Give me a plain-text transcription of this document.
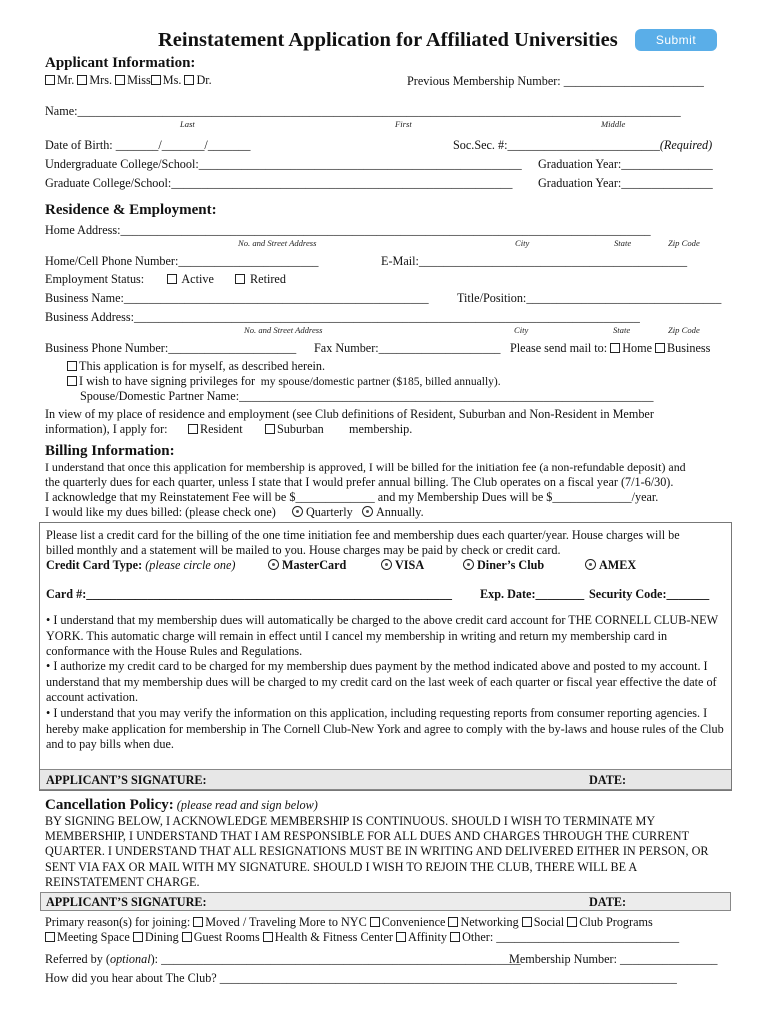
Reinstatement Application for Affiliated Universities	Submit
Applicant Information:
Mr. Mrs. Miss Ms. Dr.	Previous Membership Number: _______________________
Name:___________________________________________________________________________________________________
Last	First	Middle
Date of Birth: _______/_______/_______	Soc.Sec. #:_________________________(Required)
Undergraduate College/School:_____________________________________________________ Graduation Year:_______________
Graduate College/School:________________________________________________________ Graduation Year:_______________
Residence & Employment:
Home Address:_______________________________________________________________________________________
No. and Street Address	City	State	Zip Code
Home/Cell Phone Number:_______________________	E-Mail:____________________________________________
Employment Status:	Active	Retired
Business Name:__________________________________________________ Title/Position:________________________________
Business Address:___________________________________________________________________________________
No. and Street Address	City	State	Zip Code
Business Phone Number:_____________________ Fax Number:____________________ Please send mail to: Home Business
This application is for myself, as described herein.
I wish to have signing privileges for my spouse/domestic partner ($185, billed annually).
Spouse/Domestic Partner Name:____________________________________________________________________
In view of my place of residence and employment (see Club definitions of Resident, Suburban and Non-Resident in Member
information), I apply for:	Resident	Suburban membership.
Billing Information:
I understand that once this application for membership is approved, I will be billed for the initiation fee (a non-refundable deposit) and
the quarterly dues for each quarter, unless I state that I would prefer annual billing. The Club operates on a fiscal year (7/1-6/30).
I acknowledge that my Reinstatement Fee will be $_____________ and my Membership Dues will be $_____________/year.
I would like my dues billed: (please check one)	Quarterly	Annually.
Please list a credit card for the billing of the one time initiation fee and membership dues each quarter/year. House charges will be
billed monthly and a statement will be mailed to you. House charges may be paid by check or credit card.
Credit Card Type: (please circle one)	MasterCard	VISA	Diner’s Club	AMEX
Card #:____________________________________________________________ Exp. Date:________ Security Code:_______
• I understand that my membership dues will automatically be charged to the above credit card account for THE CORNELL CLUB-NEW YORK. This automatic charge will remain in effect until I cancel my membership in writing and return my membership card in conformance with the House Rules and Regulations.
• I authorize my credit card to be charged for my membership dues payment by the method indicated above and posted to my account. I understand that my membership dues will be charged to my credit card on the last week of each quarter or fiscal year effective the date of account activation.
• I understand that you may verify the information on this application, including requesting reports from consumer reporting agencies. I hereby make application for membership in The Cornell Club-New York and agree to comply with the by-laws and house rules of the Club and to pay bills when due.
APPLICANT’S SIGNATURE:	DATE:
Cancellation Policy: (please read and sign below)
BY SIGNING BELOW, I ACKNOWLEDGE MEMBERSHIP IS CONTINUOUS. SHOULD I WISH TO TERMINATE MY MEMBERSHIP, I UNDERSTAND THAT I AM RESPONSIBLE FOR ALL DUES AND CHARGES THROUGH THE CURRENT QUARTER. I UNDERSTAND THAT ALL RESIGNATIONS MUST BE IN WRITING AND DELIVERED EITHER IN PERSON, OR SENT VIA FAX OR MAIL WITH MY SIGNATURE. SHOULD I WISH TO REJOIN THE CLUB, THERE WILL BE A REINSTATEMENT CHARGE.
APPLICANT’S SIGNATURE:	DATE:
Primary reason(s) for joining: Moved / Traveling More to NYC Convenience Networking Social Club Programs
Meeting Space Dining Guest Rooms Health & Fitness Center Affinity Other: ______________________________
Referred by (optional): ___________________________________________________________
Membership Number: ________________
How did you hear about The Club? ___________________________________________________________________________
